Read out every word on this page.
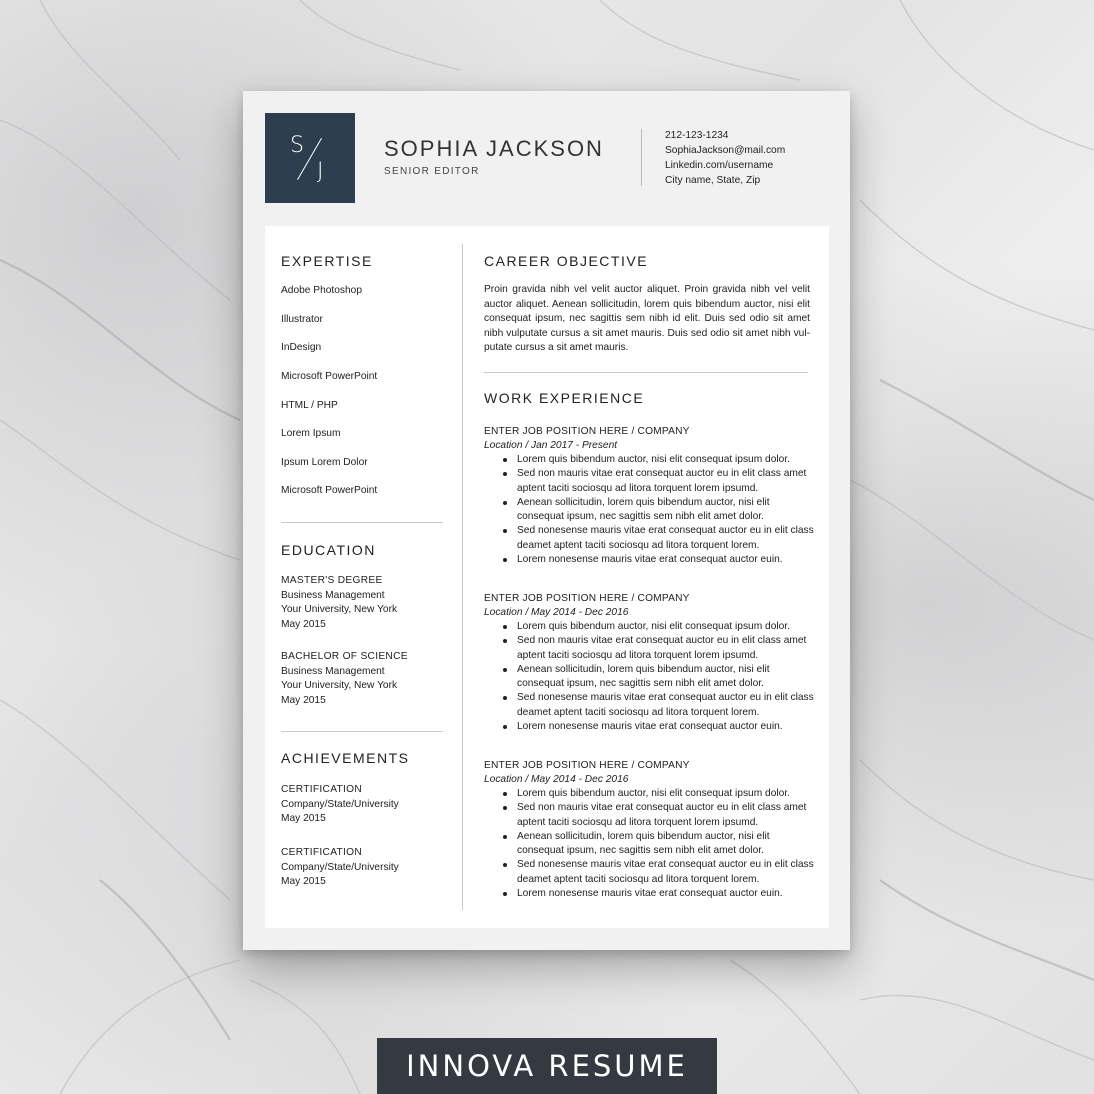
S
J
SOPHIA JACKSON
SENIOR EDITOR
212-123-1234
SophiaJackson@mail.com
Linkedin.com/username
City name, State, Zip
EXPERTISE
Adobe Photoshop
Illustrator
InDesign
Microsoft PowerPoint
HTML / PHP
Lorem Ipsum
Ipsum Lorem Dolor
Microsoft PowerPoint
EDUCATION
MASTER'S DEGREE
Business Management
Your University, New York
May 2015
BACHELOR OF SCIENCE
Business Management
Your University, New York
May 2015
ACHIEVEMENTS
CERTIFICATION
Company/State/University
May 2015
CERTIFICATION
Company/State/University
May 2015
CAREER OBJECTIVE
Proin gravida nibh vel velit auctor aliquet. Proin gravida nibh vel velit auctor aliquet. Aenean sollicitudin, lorem quis bibendum auctor, nisi elit consequat ipsum, nec sagittis sem nibh id elit. Duis sed odio sit amet nibh vulputate cursus a sit amet mauris. Duis sed odio sit amet nibh vul-putate cursus a sit amet mauris.
WORK EXPERIENCE
ENTER JOB POSITION HERE / COMPANY
Location / Jan 2017 - Present
Lorem quis bibendum auctor, nisi elit consequat ipsum dolor.
Sed non mauris vitae erat consequat auctor eu in elit class amet aptent taciti sociosqu ad litora torquent lorem ipsumd.
Aenean sollicitudin, lorem quis bibendum auctor, nisi elit consequat ipsum, nec sagittis sem nibh elit amet dolor.
Sed nonesense mauris vitae erat consequat auctor eu in elit class deamet aptent taciti sociosqu ad litora torquent lorem.
Lorem nonesense mauris vitae erat consequat auctor euin.
ENTER JOB POSITION HERE / COMPANY
Location / May 2014 - Dec 2016
Lorem quis bibendum auctor, nisi elit consequat ipsum dolor.
Sed non mauris vitae erat consequat auctor eu in elit class amet aptent taciti sociosqu ad litora torquent lorem ipsumd.
Aenean sollicitudin, lorem quis bibendum auctor, nisi elit consequat ipsum, nec sagittis sem nibh elit amet dolor.
Sed nonesense mauris vitae erat consequat auctor eu in elit class deamet aptent taciti sociosqu ad litora torquent lorem.
Lorem nonesense mauris vitae erat consequat auctor euin.
ENTER JOB POSITION HERE / COMPANY
Location / May 2014 - Dec 2016
Lorem quis bibendum auctor, nisi elit consequat ipsum dolor.
Sed non mauris vitae erat consequat auctor eu in elit class amet aptent taciti sociosqu ad litora torquent lorem ipsumd.
Aenean sollicitudin, lorem quis bibendum auctor, nisi elit consequat ipsum, nec sagittis sem nibh elit amet dolor.
Sed nonesense mauris vitae erat consequat auctor eu in elit class deamet aptent taciti sociosqu ad litora torquent lorem.
Lorem nonesense mauris vitae erat consequat auctor euin.
INNOVA RESUME
